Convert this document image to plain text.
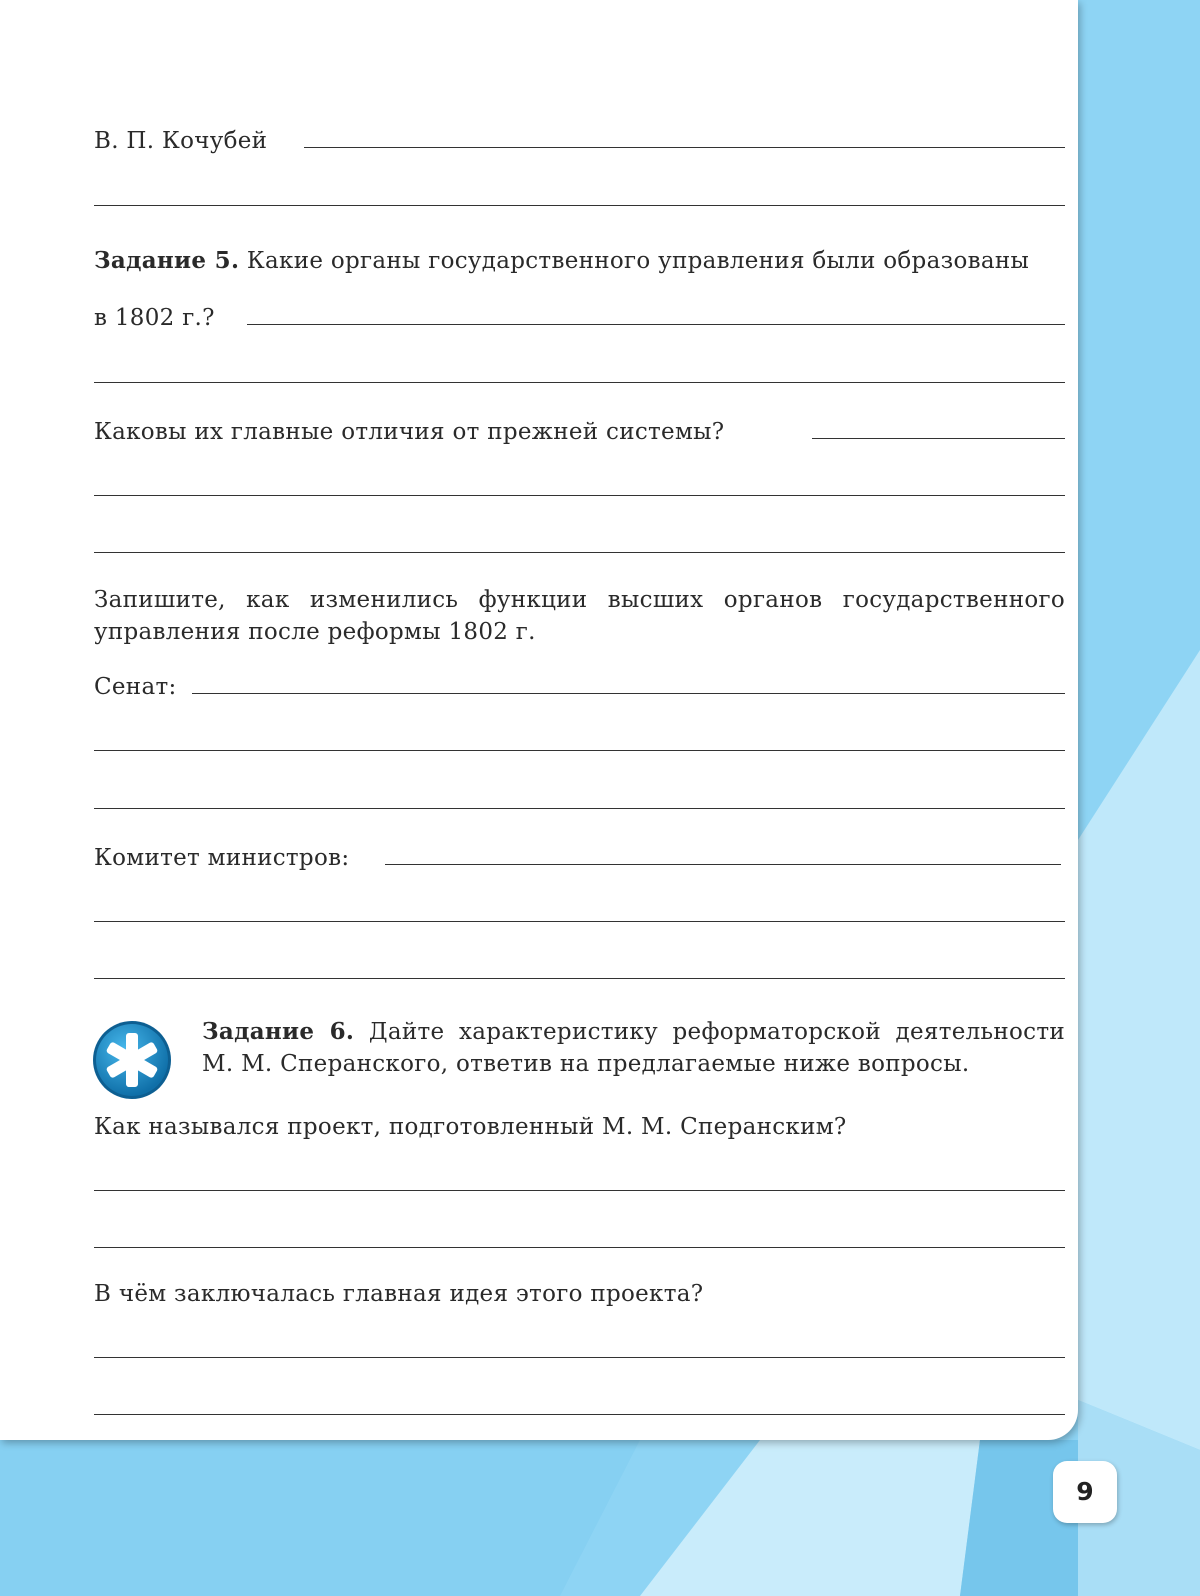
В. П. Кочубей
Задание 5. Какие органы государственного управления были образованы
в 1802 г.?
Каковы их главные отличия от прежней системы?
Запишите, как изменились функции высших органов государственного управления после реформы 1802 г.
Сенат:
Комитет министров:
Задание 6. Дайте характеристику реформаторской деятельности М. М. Сперанского, ответив на предлагаемые ниже вопросы.
Как назывался проект, подготовленный М. М. Сперанским?
В чём заключалась главная идея этого проекта?
9
